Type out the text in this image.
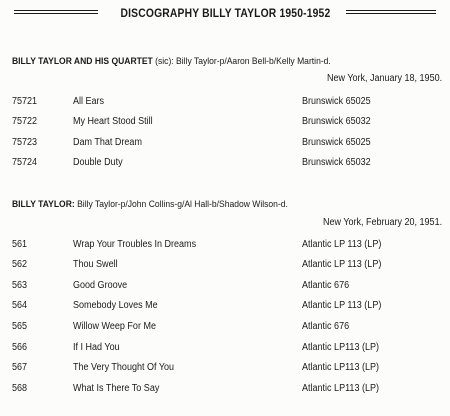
DISCOGRAPHY BILLY TAYLOR 1950-1952
BILLY TAYLOR AND HIS QUARTET (sic): Billy Taylor-p/Aaron Bell-b/Kelly Martin-d.
New York, January 18, 1950.
75721	All Ears	Brunswick 65025
75722	My Heart Stood Still	Brunswick 65032
75723	Dam That Dream	Brunswick 65025
75724	Double Duty	Brunswick 65032
BILLY TAYLOR: Billy Taylor-p/John Collins-g/Al Hall-b/Shadow Wilson-d.
New York, February 20, 1951.
561	Wrap Your Troubles In Dreams	Atlantic LP 113 (LP)
562	Thou Swell	Atlantic LP 113 (LP)
563	Good Groove	Atlantic 676
564	Somebody Loves Me	Atlantic LP 113 (LP)
565	Willow Weep For Me	Atlantic 676
566	If I Had You	Atlantic LP113 (LP)
567	The Very Thought Of You	Atlantic LP113 (LP)
568	What Is There To Say	Atlantic LP113 (LP)
